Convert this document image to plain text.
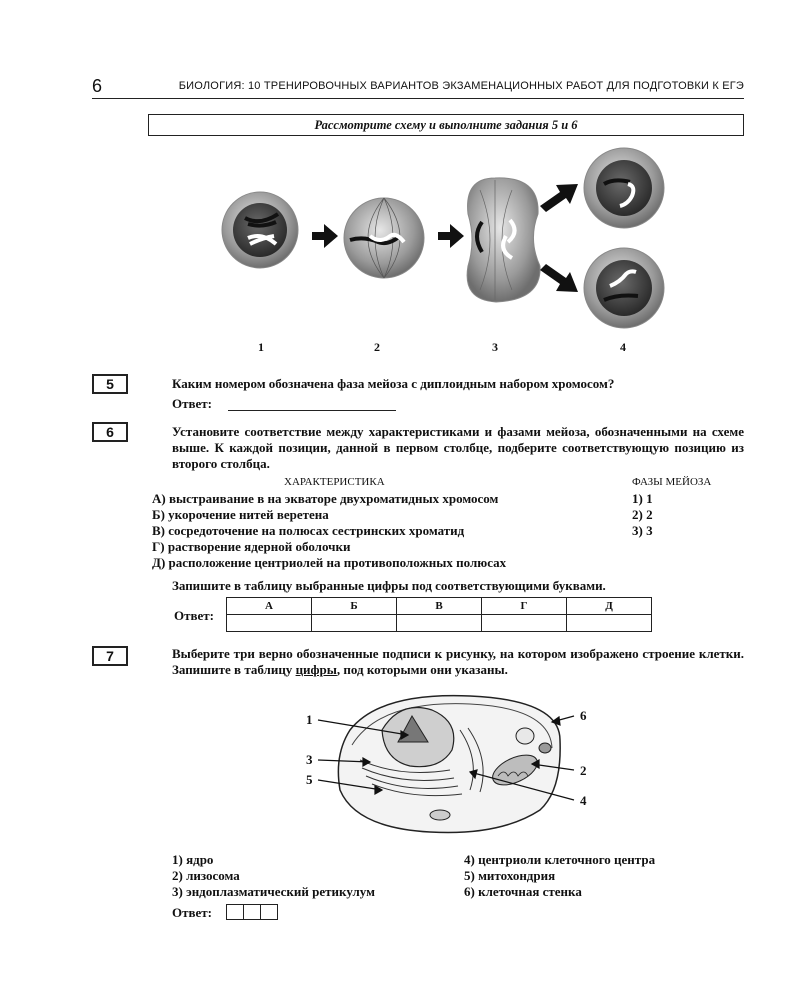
6	БИОЛОГИЯ: 10 ТРЕНИРОВОЧНЫХ ВАРИАНТОВ ЭКЗАМЕНАЦИОННЫХ РАБОТ ДЛЯ ПОДГОТОВКИ К ЕГЭ
Рассмотрите схему и выполните задания 5 и 6
1	2	3	4
5	Каким номером обозначена фаза мейоза с диплоидным набором хромосом?
Ответ:
6	Установите соответствие между характеристиками и фазами мейоза, обозначенными на схеме выше. К каждой позиции, данной в первом столбце, подберите соответствующую позицию из второго столбца.
ХАРАКТЕРИСТИКА	ФАЗЫ МЕЙОЗА
А) выстраивание в на экваторе двухроматидных хромосом
Б) укорочение нитей веретена
В) сосредоточение на полюсах сестринских хроматид
Г) растворение ядерной оболочки
Д) расположение центриолей на противоположных полюсах
1) 1
2) 2
3) 3
Запишите в таблицу выбранные цифры под соответствующими буквами.
Ответ:
А	Б	В	Г	Д

7	Выберите три верно обозначенные подписи к рисунку, на котором изображено строение клетки. Запишите в таблицу цифры, под которыми они указаны.
1
2
3
4
5
6
1) ядро
2) лизосома
3) эндоплазматический ретикулум
4) центриоли клеточного центра
5) митохондрия
6) клеточная стенка
Ответ:
